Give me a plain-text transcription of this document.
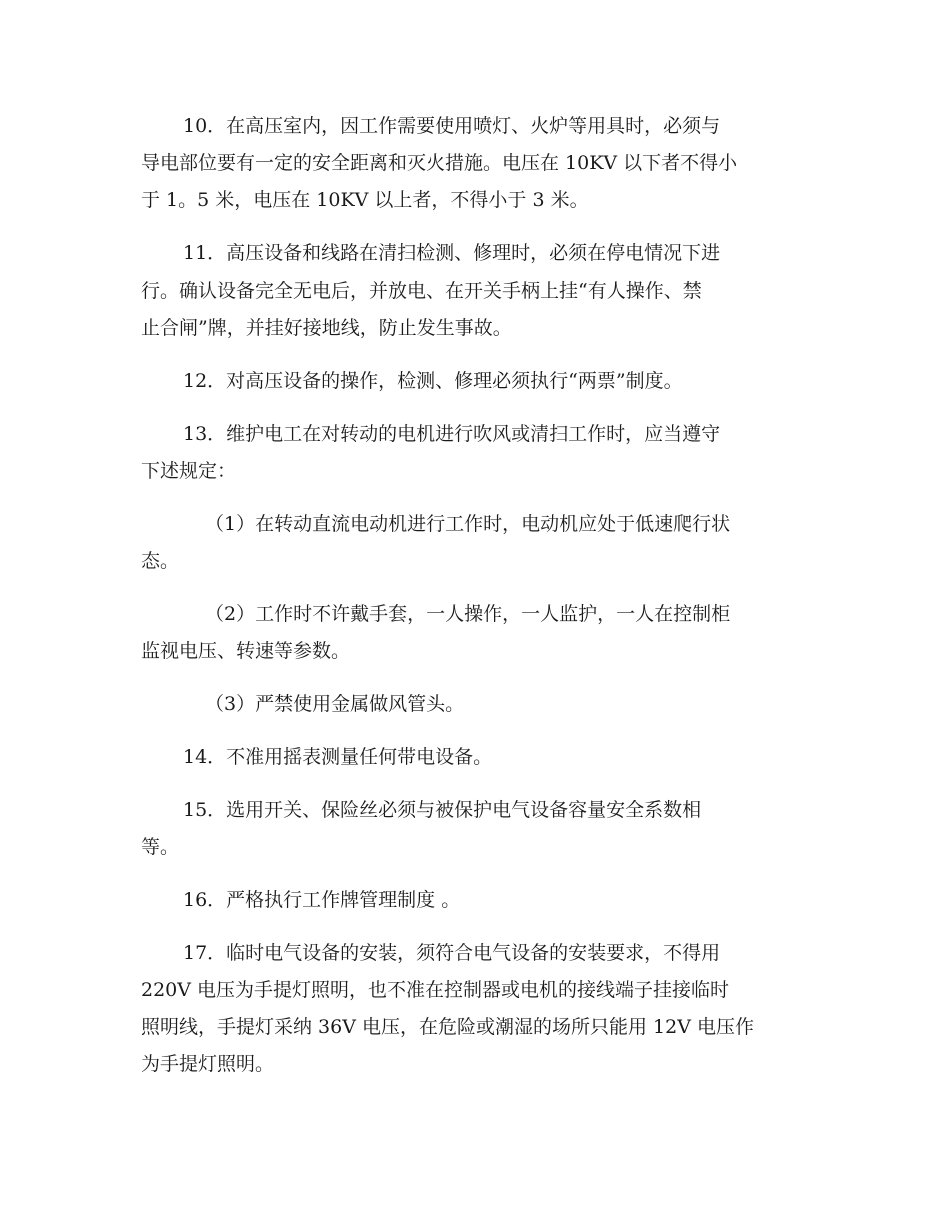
10．在高压室内，因工作需要使用喷灯、火炉等用具时，必须与
导电部位要有一定的安全距离和灭火措施。电压在 10KV 以下者不得小
于 1。5 米，电压在 10KV 以上者，不得小于 3 米。
11．高压设备和线路在清扫检测、修理时，必须在停电情况下进
行。确认设备完全无电后，并放电、在开关手柄上挂“有人操作、禁
止合闸”牌，并挂好接地线，防止发生事故。
12．对高压设备的操作，检测、修理必须执行“两票”制度。
13．维护电工在对转动的电机进行吹风或清扫工作时，应当遵守
下述规定：
（1）在转动直流电动机进行工作时，电动机应处于低速爬行状
态。
（2）工作时不许戴手套，一人操作，一人监护，一人在控制柜
监视电压、转速等参数。
（3）严禁使用金属做风管头。
14．不准用摇表测量任何带电设备。
15．选用开关、保险丝必须与被保护电气设备容量安全系数相
等。
16．严格执行工作牌管理制度 。
17．临时电气设备的安装，须符合电气设备的安装要求，不得用
220V 电压为手提灯照明，也不准在控制器或电机的接线端子挂接临时
照明线，手提灯采纳 36V 电压，在危险或潮湿的场所只能用 12V 电压作
为手提灯照明。
